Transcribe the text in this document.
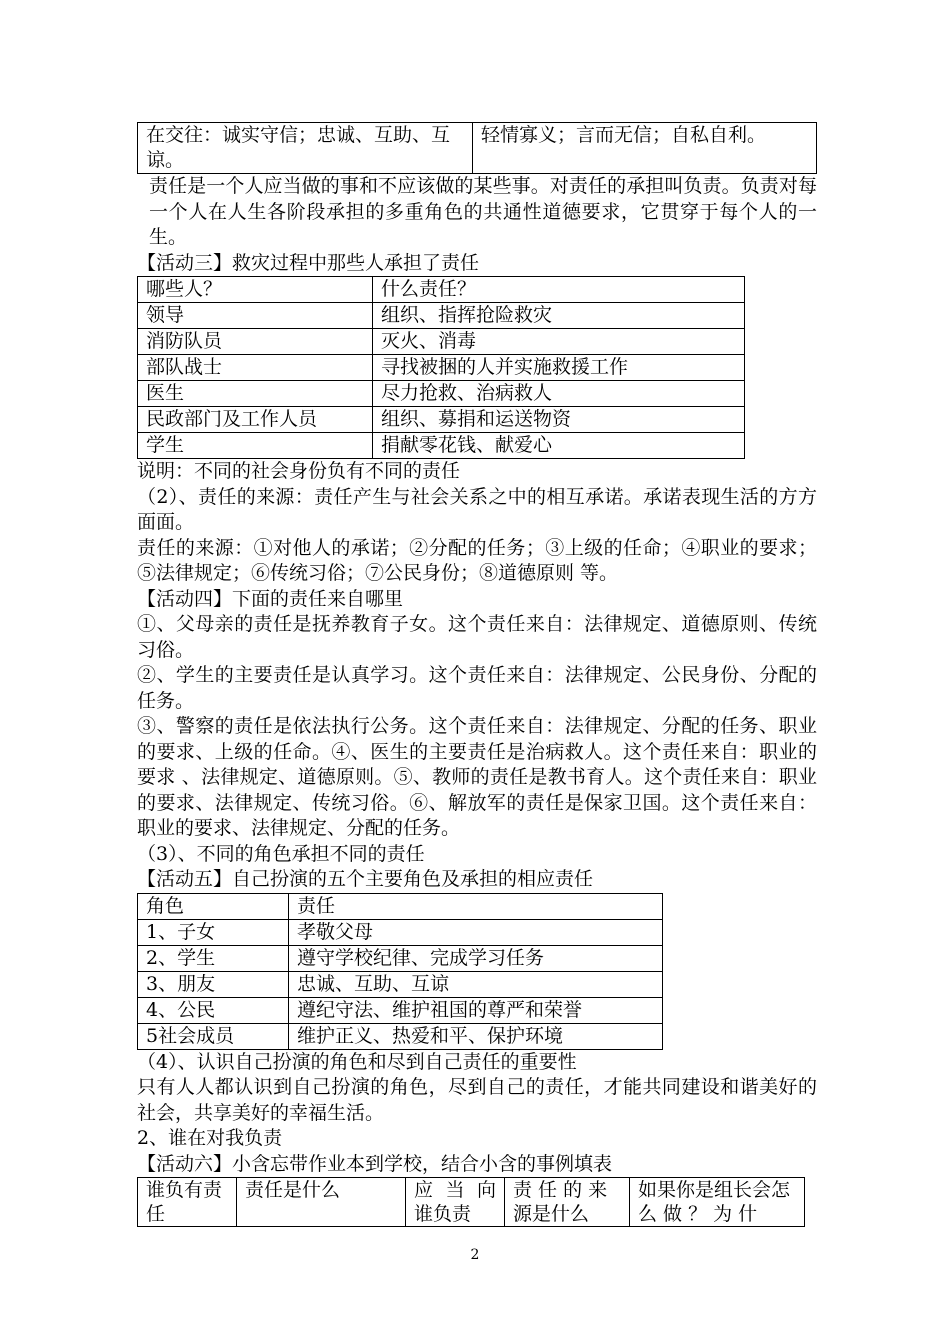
在交往：诚实守信；忠诚、互助、互谅。	轻情寡义；言而无信；自私自利。

责任是一个人应当做的事和不应该做的某些事。对责任的承担叫负责。负责对每一个人在人生各阶段承担的多重角色的共通性道德要求，它贯穿于每个人的一生。

【活动三】救灾过程中那些人承担了责任

哪些人？	什么责任？
领导	组织、指挥抢险救灾
消防队员	灭火、消毒
部队战士	寻找被捆的人并实施救援工作
医生	尽力抢救、治病救人
民政部门及工作人员	组织、募捐和运送物资
学生	捐献零花钱、献爱心

说明：不同的社会身份负有不同的责任

（2）、责任的来源：责任产生与社会关系之中的相互承诺。承诺表现生活的方方面面。

责任的来源：①对他人的承诺；②分配的任务；③上级的任命；④职业的要求；⑤法律规定；⑥传统习俗；⑦公民身份；⑧道德原则 等。

【活动四】下面的责任来自哪里

①、父母亲的责任是抚养教育子女。这个责任来自：法律规定、道德原则、传统习俗。

②、学生的主要责任是认真学习。这个责任来自：法律规定、公民身份、分配的任务。

③、警察的责任是依法执行公务。这个责任来自：法律规定、分配的任务、职业的要求、上级的任命。④、医生的主要责任是治病救人。这个责任来自：职业的要求 、法律规定、道德原则。⑤、教师的责任是教书育人。这个责任来自：职业的要求、法律规定、传统习俗。⑥、解放军的责任是保家卫国。这个责任来自：职业的要求、法律规定、分配的任务。

（3）、不同的角色承担不同的责任

【活动五】自己扮演的五个主要角色及承担的相应责任

角色	责任
1、子女	孝敬父母
2、学生	遵守学校纪律、完成学习任务
3、朋友	忠诚、互助、互谅
4、公民	遵纪守法、维护祖国的尊严和荣誉
5社会成员	维护正义、热爱和平、保护环境

（4）、认识自己扮演的角色和尽到自己责任的重要性

只有人人都认识到自己扮演的角色，尽到自己的责任，才能共同建设和谐美好的社会，共享美好的幸福生活。

2、谁在对我负责

【活动六】小含忘带作业本到学校，结合小含的事例填表

谁负有责任	责任是什么	应 当 向 谁负责	责 任 的 来 源是什么	如果你是组长会怎 么 做 ？ 为 什
2
